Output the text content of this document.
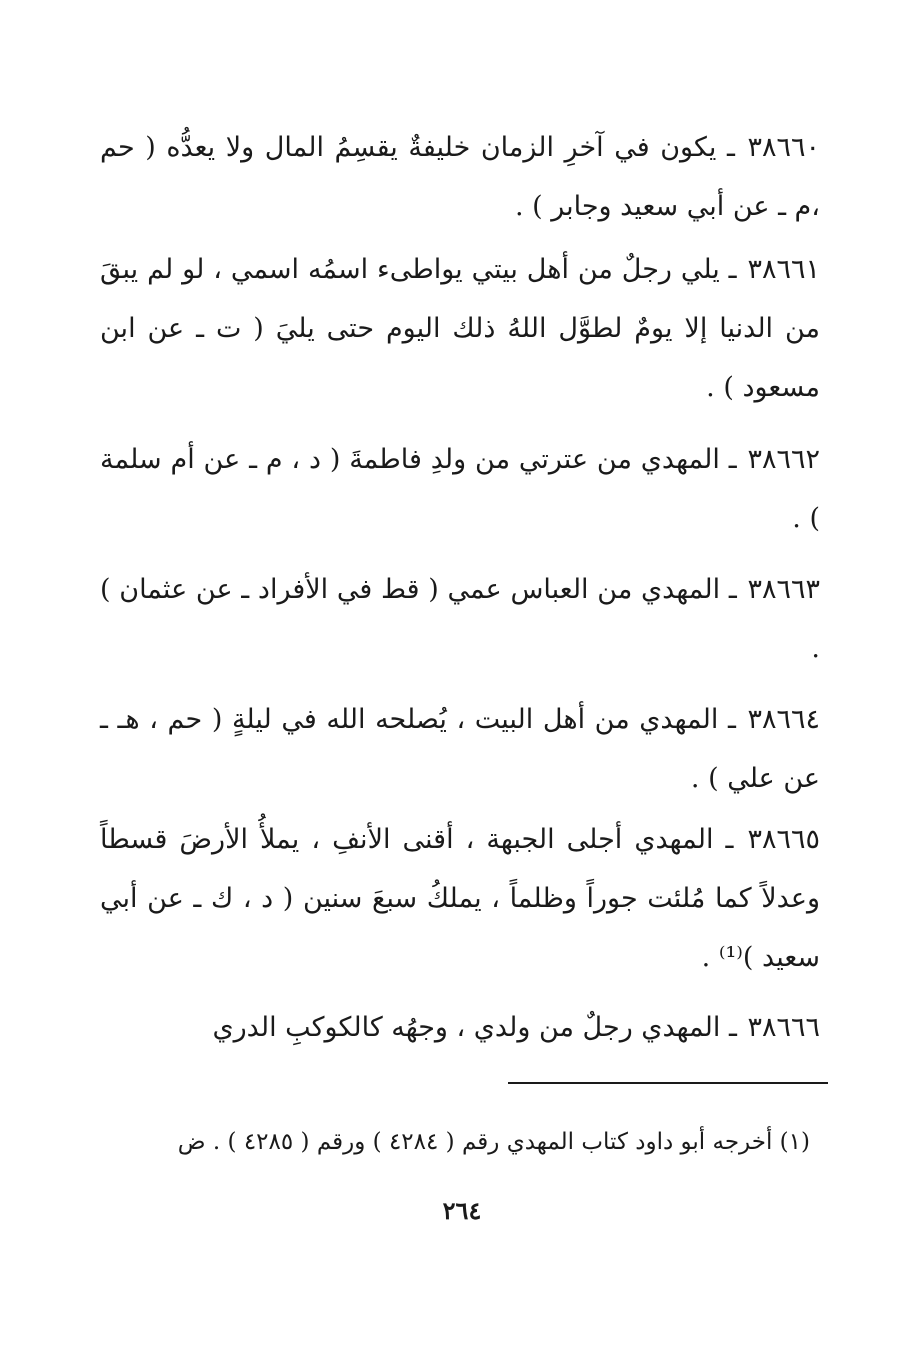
٣٨٦٦٠ ـ يكون في آخرِ الزمان خليفةٌ يقسِمُ المال ولا يعدُّه ( حم ،م ـ عن أبي سعيد وجابر ) .

٣٨٦٦١ ـ يلي رجلٌ من أهل بيتي يواطىء اسمُه اسمي ، لو لم يبقَ من الدنيا إلا يومٌ لطوَّل اللهُ ذلك اليوم حتى يليَ ( ت ـ عن ابن مسعود ) .

٣٨٦٦٢ ـ المهدي من عترتي من ولدِ فاطمةَ ( د ، م ـ عن أم سلمة ) .

٣٨٦٦٣ ـ المهدي من العباس عمي ( قط في الأفراد ـ عن عثمان ) .

٣٨٦٦٤ ـ المهدي من أهل البيت ، يُصلحه الله في ليلةٍ ( حم ، هـ ـ عن علي ) .

٣٨٦٦٥ ـ المهدي أجلى الجبهة ، أقنى الأنفِ ، يملأُ الأرضَ قسطاً وعدلاً كما مُلئت جوراً وظلماً ، يملكُ سبعَ سنين ( د ، ك ـ عن أبي سعيد )⁽¹⁾ .

٣٨٦٦٦ ـ المهدي رجلٌ من ولدي ، وجهُه كالكوكبِ الدري

(١) أخرجه أبو داود كتاب المهدي رقم ( ٤٢٨٤ ) ورقم ( ٤٢٨٥ ) . ض

٢٦٤
